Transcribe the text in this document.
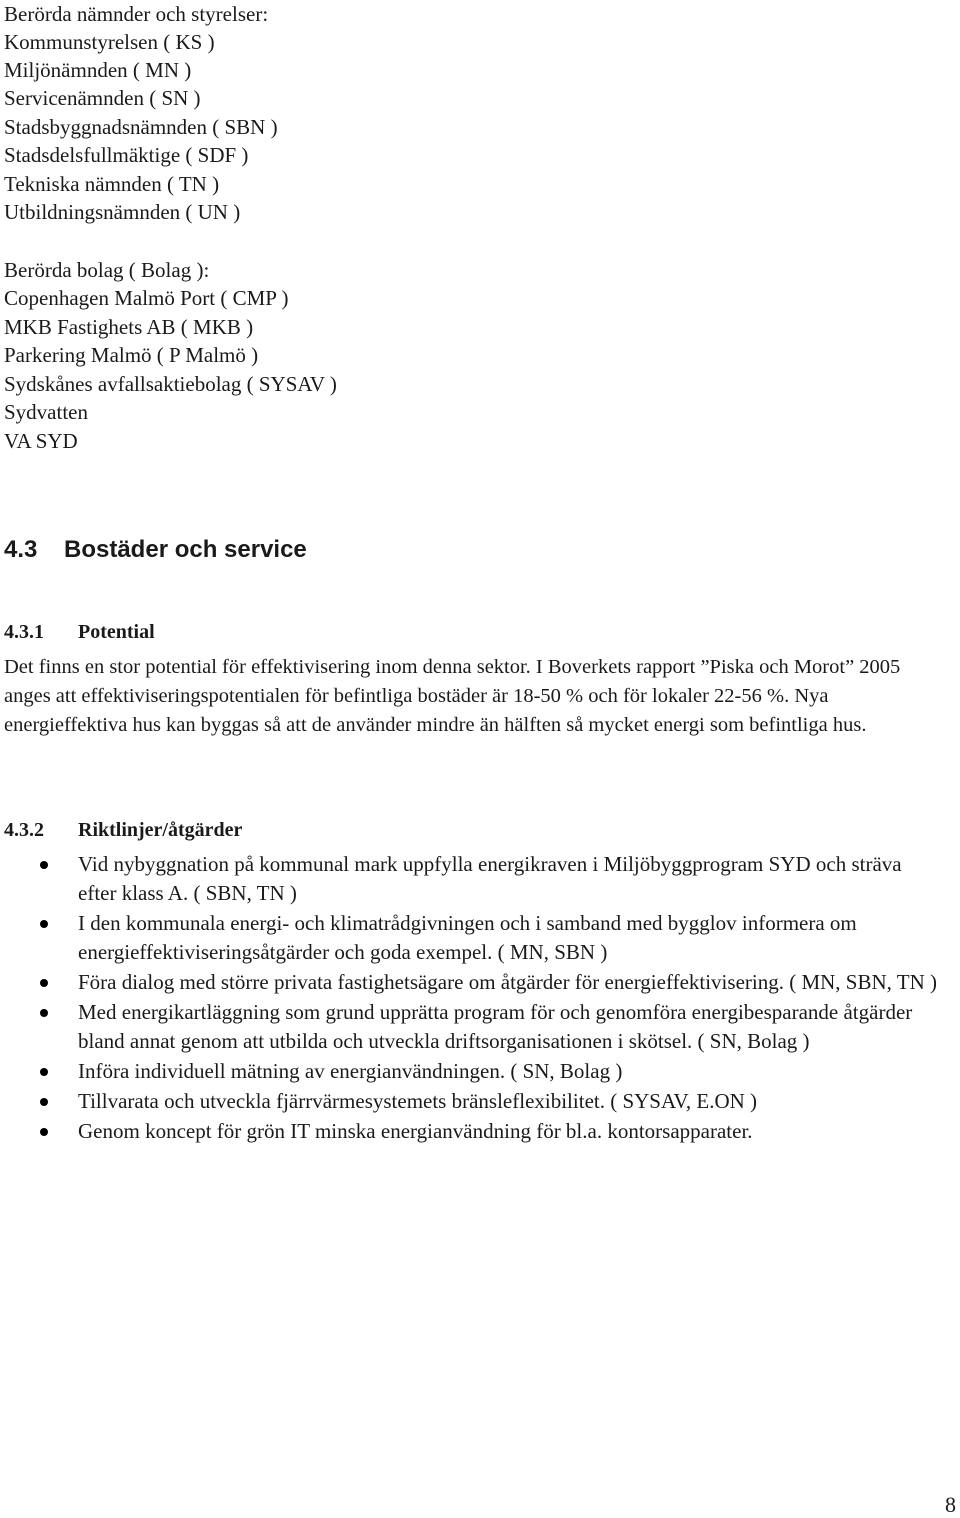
Berörda nämnder och styrelser:
Kommunstyrelsen ( KS )
Miljönämnden ( MN )
Servicenämnden ( SN )
Stadsbyggnadsnämnden ( SBN )
Stadsdelsfullmäktige ( SDF )
Tekniska nämnden ( TN )
Utbildningsnämnden ( UN )
Berörda bolag ( Bolag ):
Copenhagen Malmö Port ( CMP )
MKB Fastighets AB ( MKB )
Parkering Malmö ( P Malmö )
Sydskånes avfallsaktiebolag ( SYSAV )
Sydvatten
VA SYD
4.3 Bostäder och service
4.3.1 Potential
Det finns en stor potential för effektivisering inom denna sektor. I Boverkets rapport ”Piska och Morot” 2005 anges att effektiviseringspotentialen för befintliga bostäder är 18-50 % och för lokaler 22-56 %. Nya energieffektiva hus kan byggas så att de använder mindre än hälften så mycket energi som befintliga hus.
4.3.2 Riktlinjer/åtgärder
Vid nybyggnation på kommunal mark uppfylla energikraven i Miljöbyggprogram SYD och sträva efter klass A. ( SBN, TN )
I den kommunala energi- och klimatrådgivningen och i samband med bygglov informera om energieffektiviseringsåtgärder och goda exempel. ( MN, SBN )
Föra dialog med större privata fastighetsägare om åtgärder för energieffektivisering. ( MN, SBN, TN )
Med energikartläggning som grund upprätta program för och genomföra energibesparande åtgärder bland annat genom att utbilda och utveckla driftsorganisationen i skötsel. ( SN, Bolag )
Införa individuell mätning av energianvändningen. ( SN, Bolag )
Tillvarata och utveckla fjärrvärmesystemets bränsleflexibilitet. ( SYSAV, E.ON )
Genom koncept för grön IT minska energianvändning för bl.a. kontorsapparater.
8
